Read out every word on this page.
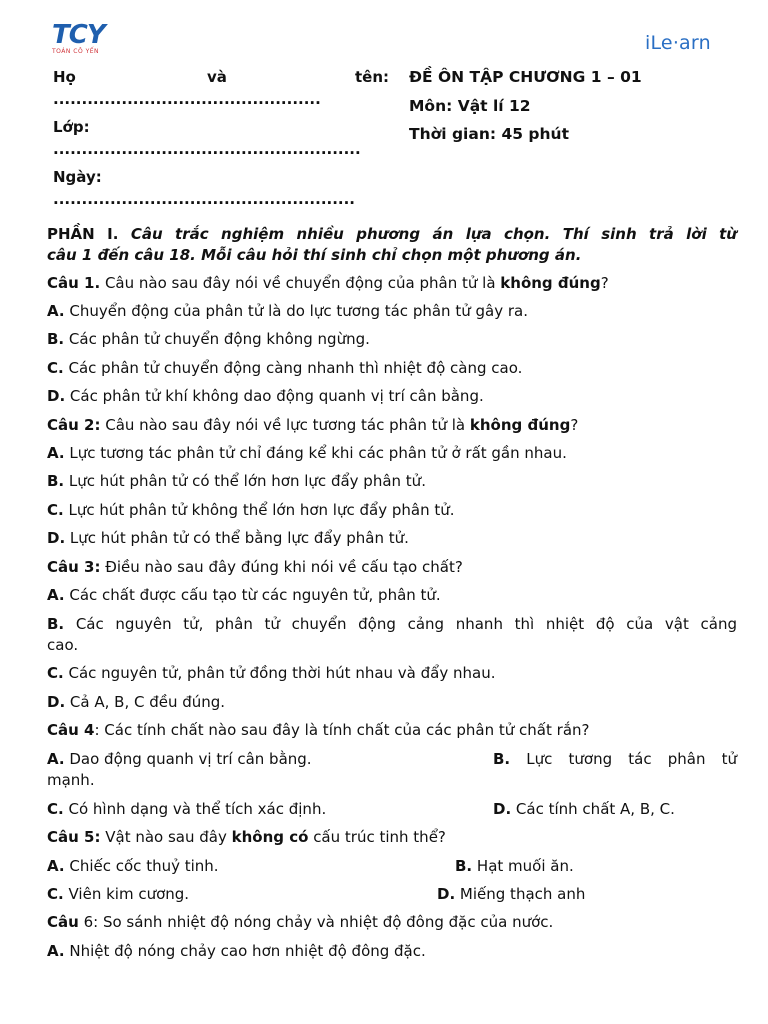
TCY
TOÁN CÔ YẾN	iLe·arn
Họ	và	tên:
...............................................
Lớp:
......................................................
Ngày:
.....................................................
ĐỀ ÔN TẬP CHƯƠNG 1 – 01
Môn: Vật lí 12
Thời gian: 45 phút
PHẦN I. Câu trắc nghiệm nhiều phương án lựa chọn. Thí sinh trả lời từ
câu 1 đến câu 18. Mỗi câu hỏi thí sinh chỉ chọn một phương án.
Câu 1. Câu nào sau đây nói về chuyển động của phân tử là không đúng?
A. Chuyển động của phân tử là do lực tương tác phân tử gây ra.
B. Các phân tử chuyển động không ngừng.
C. Các phân tử chuyển động càng nhanh thì nhiệt độ càng cao.
D. Các phân tử khí không dao động quanh vị trí cân bằng.
Câu 2: Câu nào sau đây nói về lực tương tác phân tử là không đúng?
A. Lực tương tác phân tử chỉ đáng kể khi các phân tử ở rất gần nhau.
B. Lực hút phân tử có thể lớn hơn lực đẩy phân tử.
C. Lực hút phân tử không thể lớn hơn lực đẩy phân tử.
D. Lực hút phân tử có thể bằng lực đẩy phân tử.
Câu 3: Điều nào sau đây đúng khi nói về cấu tạo chất?
A. Các chất được cấu tạo từ các nguyên tử, phân tử.
B. Các nguyên tử, phân tử chuyển động cảng nhanh thì nhiệt độ của vật cảng
cao.
C. Các nguyên tử, phân tử đồng thời hút nhau và đẩy nhau.
D. Cả A, B, C đều đúng.
Câu 4: Các tính chất nào sau đây là tính chất của các phân tử chất rắn?
A. Dao động quanh vị trí cân bằng.	B. Lực tương tác phân tử
mạnh.
C. Có hình dạng và thể tích xác định.	D. Các tính chất A, B, C.
Câu 5: Vật nào sau đây không có cấu trúc tinh thể?
A. Chiếc cốc thuỷ tinh.	B. Hạt muối ăn.
C. Viên kim cương.	D. Miếng thạch anh
Câu 6: So sánh nhiệt độ nóng chảy và nhiệt độ đông đặc của nước.
A. Nhiệt độ nóng chảy cao hơn nhiệt độ đông đặc.
